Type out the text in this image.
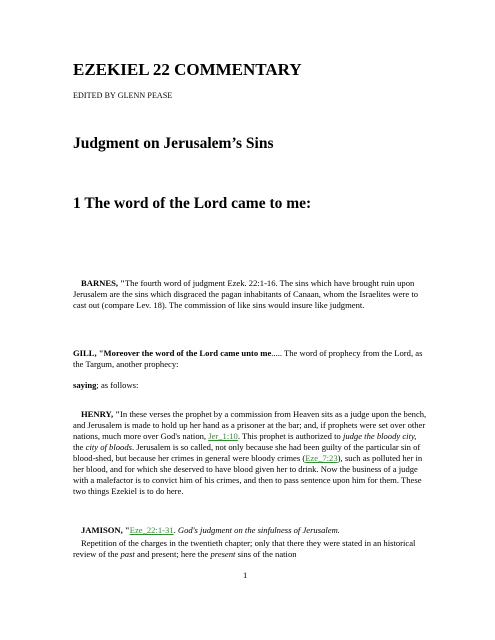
EZEKIEL 22 COMMENTARY
EDITED BY GLENN PEASE
Judgment on Jerusalem’s Sins
1 The word of the Lord came to me:
BARNES, "The fourth word of judgment Ezek. 22:1-16. The sins which have brought ruin upon Jerusalem are the sins which disgraced the pagan inhabitants of Canaan, whom the Israelites were to cast out (compare Lev. 18). The commission of like sins would insure like judgment.
GILL, "Moreover the word of the Lord came unto me..... The word of prophecy from the Lord, as the Targum, another prophecy:
saying; as follows:
HENRY, "In these verses the prophet by a commission from Heaven sits as a judge upon the bench, and Jerusalem is made to hold up her hand as a prisoner at the bar; and, if prophets were set over other nations, much more over God's nation, Jer_1:10. This prophet is authorized to judge the bloody city, the city of bloods. Jerusalem is so called, not only because she had been guilty of the particular sin of blood-shed, but because her crimes in general were bloody crimes (Eze_7:23), such as polluted her in her blood, and for which she deserved to have blood given her to drink. Now the business of a judge with a malefactor is to convict him of his crimes, and then to pass sentence upon him for them. These two things Ezekiel is to do here.
JAMISON, "Eze_22:1-31. God's judgment on the sinfulness of Jerusalem.
Repetition of the charges in the twentieth chapter; only that there they were stated in an historical review of the past and present; here the present sins of the nation
1
